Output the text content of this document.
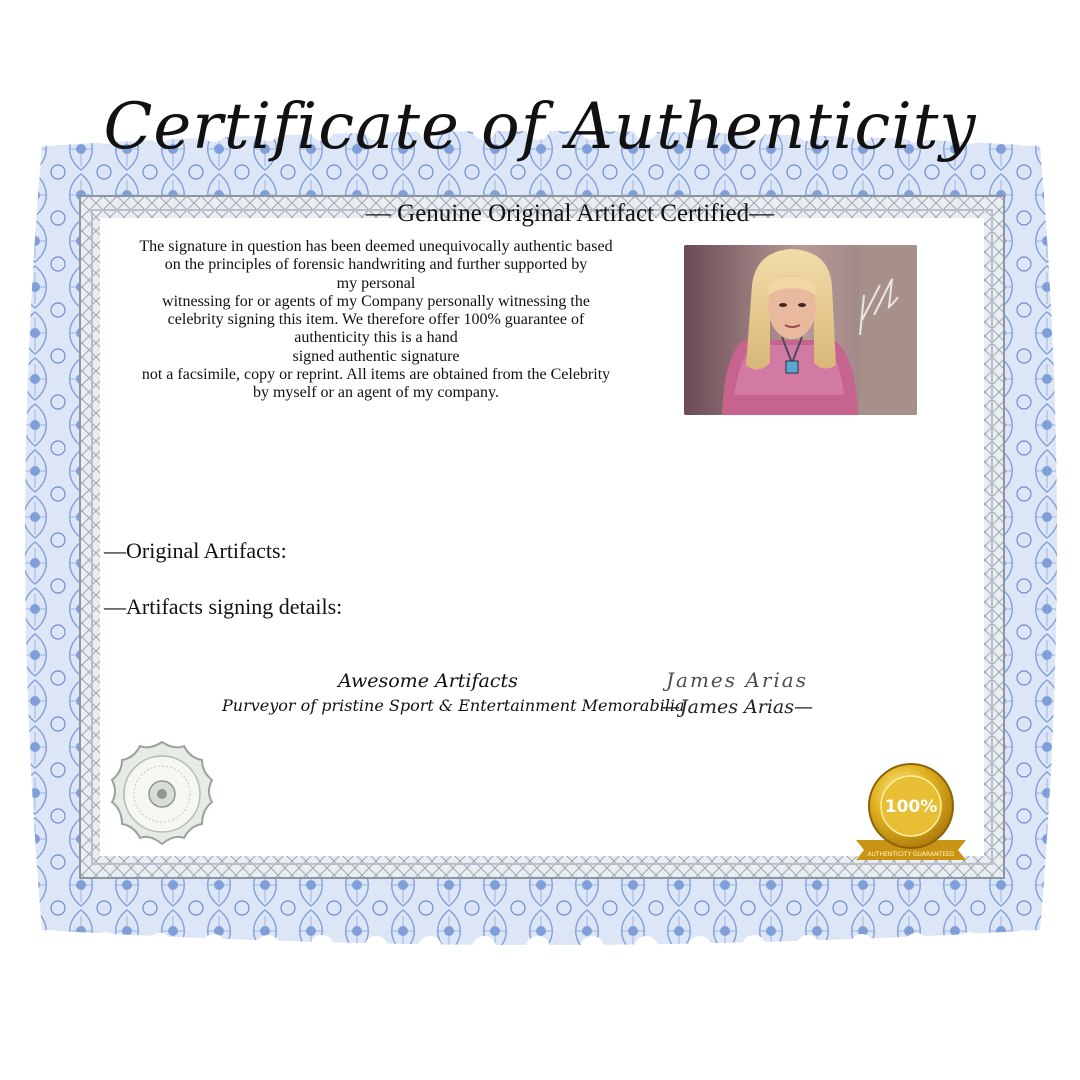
Certificate of Authenticity
— Genuine Original Artifact Certified—
The signature in question has been deemed unequivocally authentic based
on the principles of forensic handwriting and further supported by
my personal
witnessing for or agents of my Company personally witnessing the
celebrity signing this item. We therefore offer 100% guarantee of
authenticity this is a hand
signed authentic signature
not a facsimile, copy or reprint. All items are obtained from the Celebrity
by myself or an agent of my company.
—Original Artifacts:
—Artifacts signing details:
Awesome Artifacts
Purveyor of pristine Sport & Entertainment Memorabilia
James Arias
—James Arias—
100%
AUTHENTICITY GUARANTEED
